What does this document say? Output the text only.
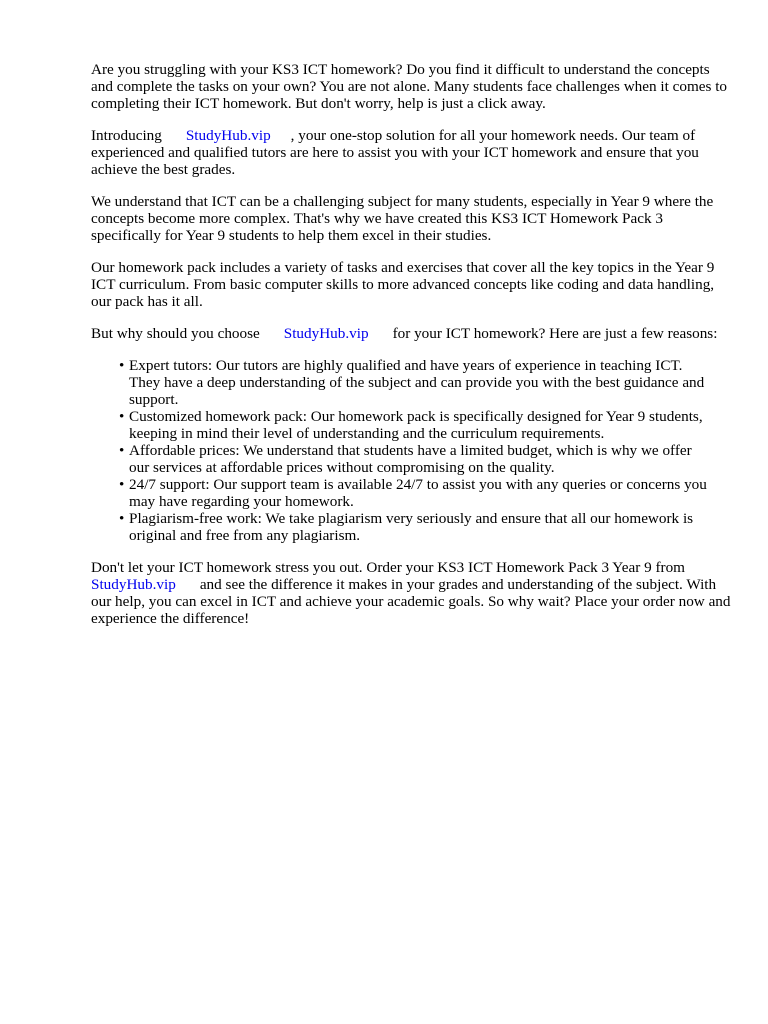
Are you struggling with your KS3 ICT homework? Do you find it difficult to understand the concepts and complete the tasks on your own? You are not alone. Many students face challenges when it comes to completing their ICT homework. But don't worry, help is just a click away.

Introducing StudyHub.vip , your one-stop solution for all your homework needs. Our team of experienced and qualified tutors are here to assist you with your ICT homework and ensure that you achieve the best grades.

We understand that ICT can be a challenging subject for many students, especially in Year 9 where the concepts become more complex. That's why we have created this KS3 ICT Homework Pack 3 specifically for Year 9 students to help them excel in their studies.

Our homework pack includes a variety of tasks and exercises that cover all the key topics in the Year 9 ICT curriculum. From basic computer skills to more advanced concepts like coding and data handling, our pack has it all.

But why should you choose StudyHub.vip for your ICT homework? Here are just a few reasons:

• Expert tutors: Our tutors are highly qualified and have years of experience in teaching ICT. They have a deep understanding of the subject and can provide you with the best guidance and support.
• Customized homework pack: Our homework pack is specifically designed for Year 9 students, keeping in mind their level of understanding and the curriculum requirements.
• Affordable prices: We understand that students have a limited budget, which is why we offer our services at affordable prices without compromising on the quality.
• 24/7 support: Our support team is available 24/7 to assist you with any queries or concerns you may have regarding your homework.
• Plagiarism-free work: We take plagiarism very seriously and ensure that all our homework is original and free from any plagiarism.

Don't let your ICT homework stress you out. Order your KS3 ICT Homework Pack 3 Year 9 from StudyHub.vip and see the difference it makes in your grades and understanding of the subject. With our help, you can excel in ICT and achieve your academic goals. So why wait? Place your order now and experience the difference!
